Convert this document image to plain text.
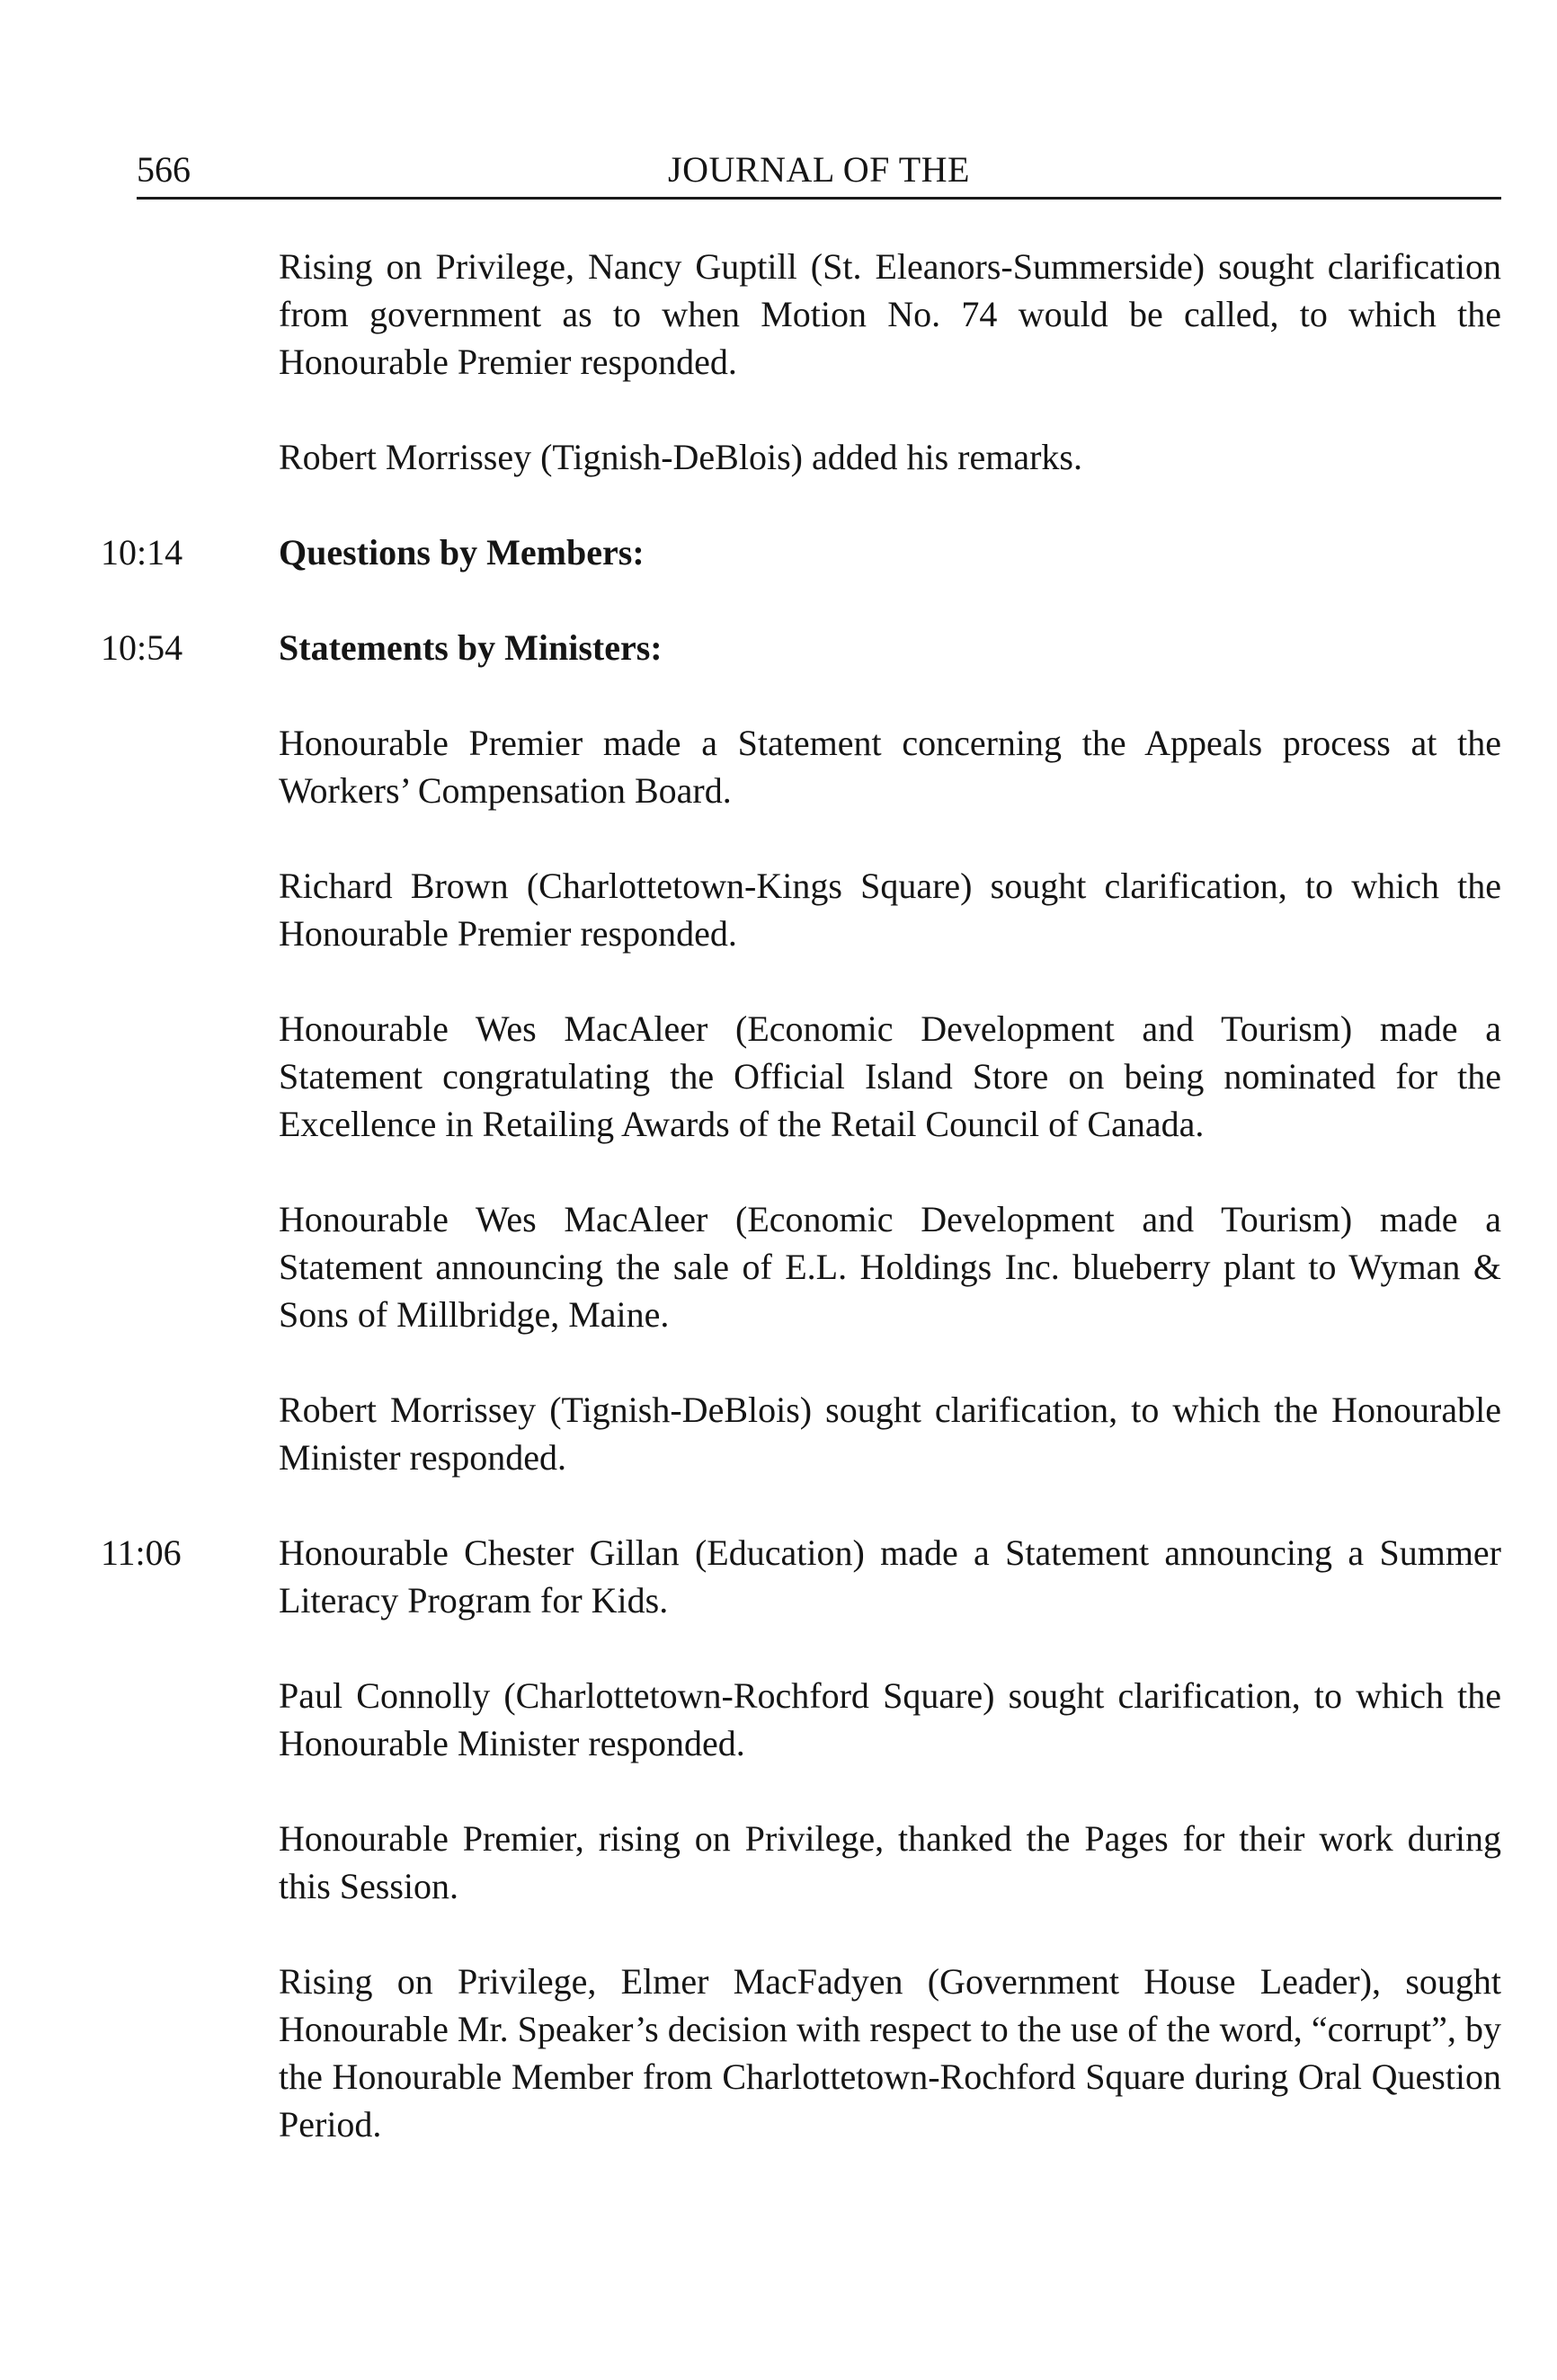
566	JOURNAL OF THE
Rising on Privilege, Nancy Guptill (St. Eleanors-Summerside) sought clarification from government as to when Motion No. 74 would be called, to which the Honourable Premier responded.
Robert Morrissey (Tignish-DeBlois) added his remarks.
10:14	Questions by Members:
10:54	Statements by Ministers:
Honourable Premier made a Statement concerning the Appeals process at the Workers’ Compensation Board.
Richard Brown (Charlottetown-Kings Square) sought clarification, to which the Honourable Premier responded.
Honourable Wes MacAleer (Economic Development and Tourism) made a Statement congratulating the Official Island Store on being nominated for the Excellence in Retailing Awards of the Retail Council of Canada.
Honourable Wes MacAleer (Economic Development and Tourism) made a Statement announcing the sale of E.L. Holdings Inc. blueberry plant to Wyman & Sons of Millbridge, Maine.
Robert Morrissey (Tignish-DeBlois) sought clarification, to which the Honourable Minister responded.
11:06	Honourable Chester Gillan (Education) made a Statement announcing a Summer Literacy Program for Kids.
Paul Connolly (Charlottetown-Rochford Square) sought clarification, to which the Honourable Minister responded.
Honourable Premier, rising on Privilege, thanked the Pages for their work during this Session.
Rising on Privilege, Elmer MacFadyen (Government House Leader), sought Honourable Mr. Speaker’s decision with respect to the use of the word, “corrupt”, by the Honourable Member from Charlottetown-Rochford Square during Oral Question Period.
